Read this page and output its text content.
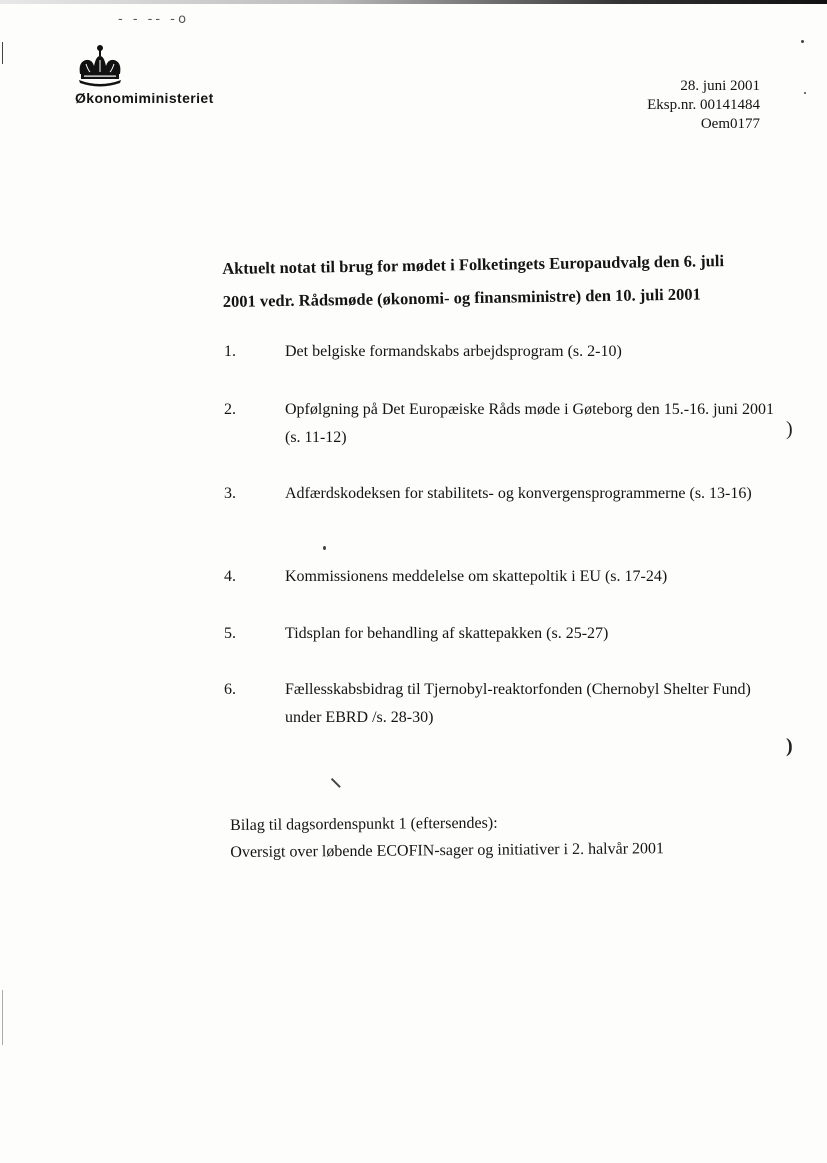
- - -- -o
Økonomiministeriet
28. juni 2001
Eksp.nr. 00141484
Oem0177
Aktuelt notat til brug for mødet i Folketingets Europaudvalg den 6. juli
2001 vedr. Rådsmøde (økonomi- og finansministre) den 10. juli 2001
1.	Det belgiske formandskabs arbejdsprogram (s. 2-10)
2.	Opfølgning på Det Europæiske Råds møde i Gøteborg den 15.-16. juni 2001 (s. 11-12)
3.	Adfærdskodeksen for stabilitets- og konvergensprogrammerne (s. 13-16)
4.	Kommissionens meddelelse om skattepoltik i EU (s. 17-24)
5.	Tidsplan for behandling af skattepakken (s. 25-27)
6.	Fællesskabsbidrag til Tjernobyl-reaktorfonden (Chernobyl Shelter Fund) under EBRD /s. 28-30)
)
)
Bilag til dagsordenspunkt 1 (eftersendes):
Oversigt over løbende ECOFIN-sager og initiativer i 2. halvår 2001
